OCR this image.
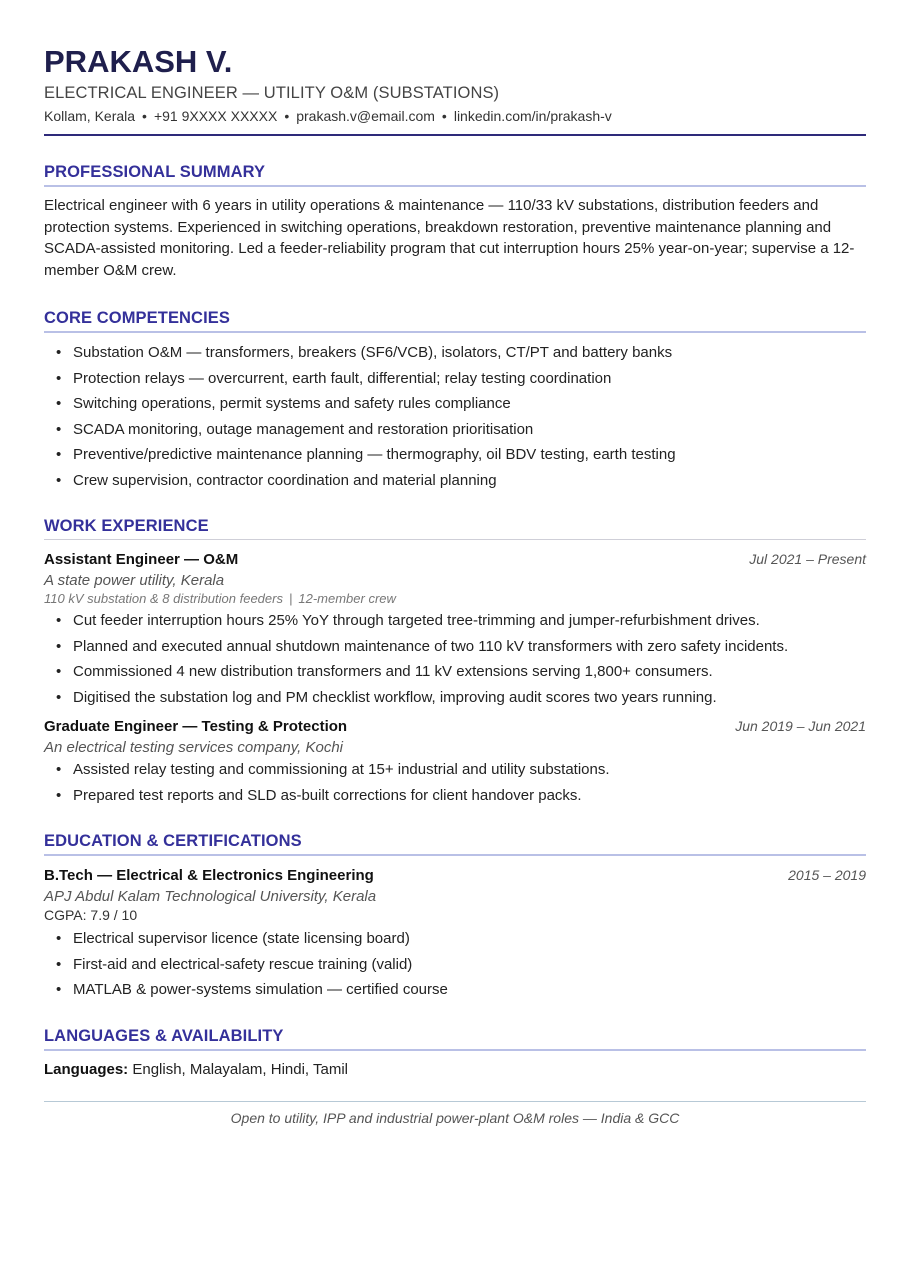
PRAKASH V.
ELECTRICAL ENGINEER — UTILITY O&M (SUBSTATIONS)
Kollam, Kerala • +91 9XXXX XXXXX • prakash.v@email.com • linkedin.com/in/prakash-v
PROFESSIONAL SUMMARY
Electrical engineer with 6 years in utility operations & maintenance — 110/33 kV substations, distribution feeders and protection systems. Experienced in switching operations, breakdown restoration, preventive maintenance planning and SCADA-assisted monitoring. Led a feeder-reliability program that cut interruption hours 25% year-on-year; supervise a 12-member O&M crew.
CORE COMPETENCIES
• Substation O&M — transformers, breakers (SF6/VCB), isolators, CT/PT and battery banks
• Protection relays — overcurrent, earth fault, differential; relay testing coordination
• Switching operations, permit systems and safety rules compliance
• SCADA monitoring, outage management and restoration prioritisation
• Preventive/predictive maintenance planning — thermography, oil BDV testing, earth testing
• Crew supervision, contractor coordination and material planning
WORK EXPERIENCE
Assistant Engineer — O&M	Jul 2021 – Present
A state power utility, Kerala
110 kV substation & 8 distribution feeders | 12-member crew
• Cut feeder interruption hours 25% YoY through targeted tree-trimming and jumper-refurbishment drives.
• Planned and executed annual shutdown maintenance of two 110 kV transformers with zero safety incidents.
• Commissioned 4 new distribution transformers and 11 kV extensions serving 1,800+ consumers.
• Digitised the substation log and PM checklist workflow, improving audit scores two years running.
Graduate Engineer — Testing & Protection	Jun 2019 – Jun 2021
An electrical testing services company, Kochi
• Assisted relay testing and commissioning at 15+ industrial and utility substations.
• Prepared test reports and SLD as-built corrections for client handover packs.
EDUCATION & CERTIFICATIONS
B.Tech — Electrical & Electronics Engineering	2015 – 2019
APJ Abdul Kalam Technological University, Kerala
CGPA: 7.9 / 10
• Electrical supervisor licence (state licensing board)
• First-aid and electrical-safety rescue training (valid)
• MATLAB & power-systems simulation — certified course
LANGUAGES & AVAILABILITY
Languages: English, Malayalam, Hindi, Tamil
Open to utility, IPP and industrial power-plant O&M roles — India & GCC
